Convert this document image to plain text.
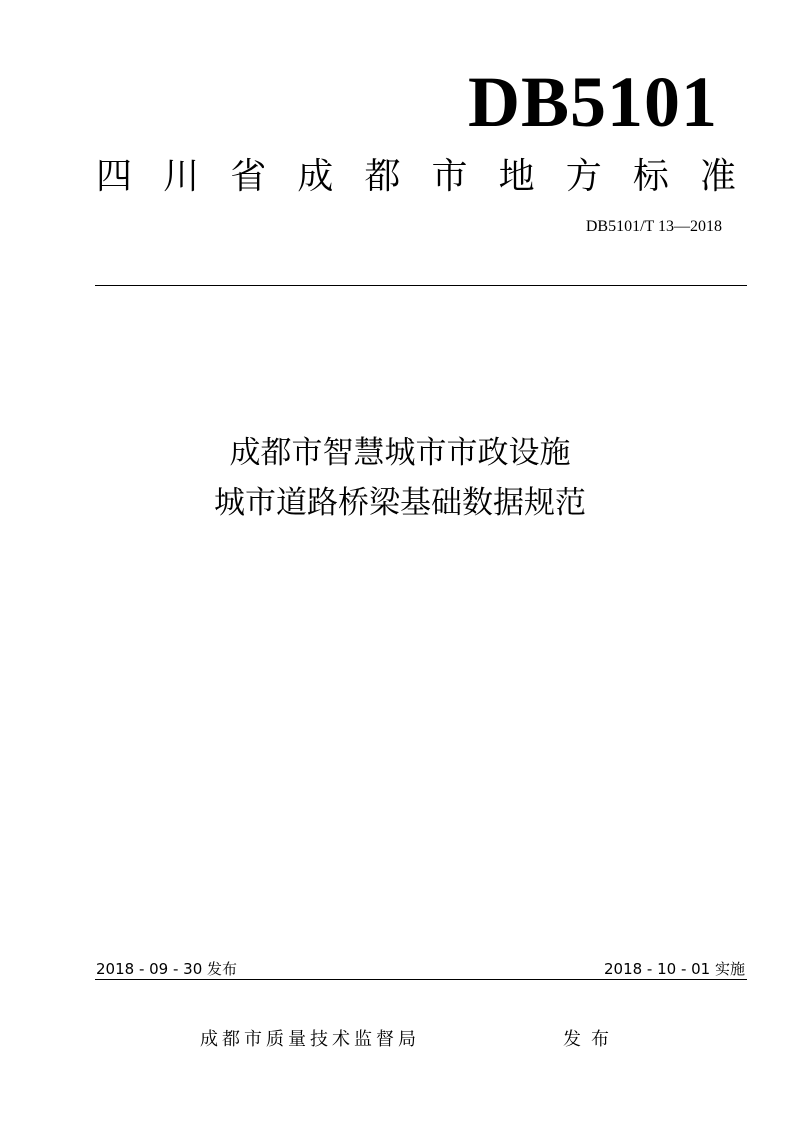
DB5101
四 川 省 成 都 市 地 方 标 准
DB5101/T 13—2018
成都市智慧城市市政设施
城市道路桥梁基础数据规范
2018 - 09 - 30 发布	2018 - 10 - 01 实施
成都市质量技术监督局	发布
